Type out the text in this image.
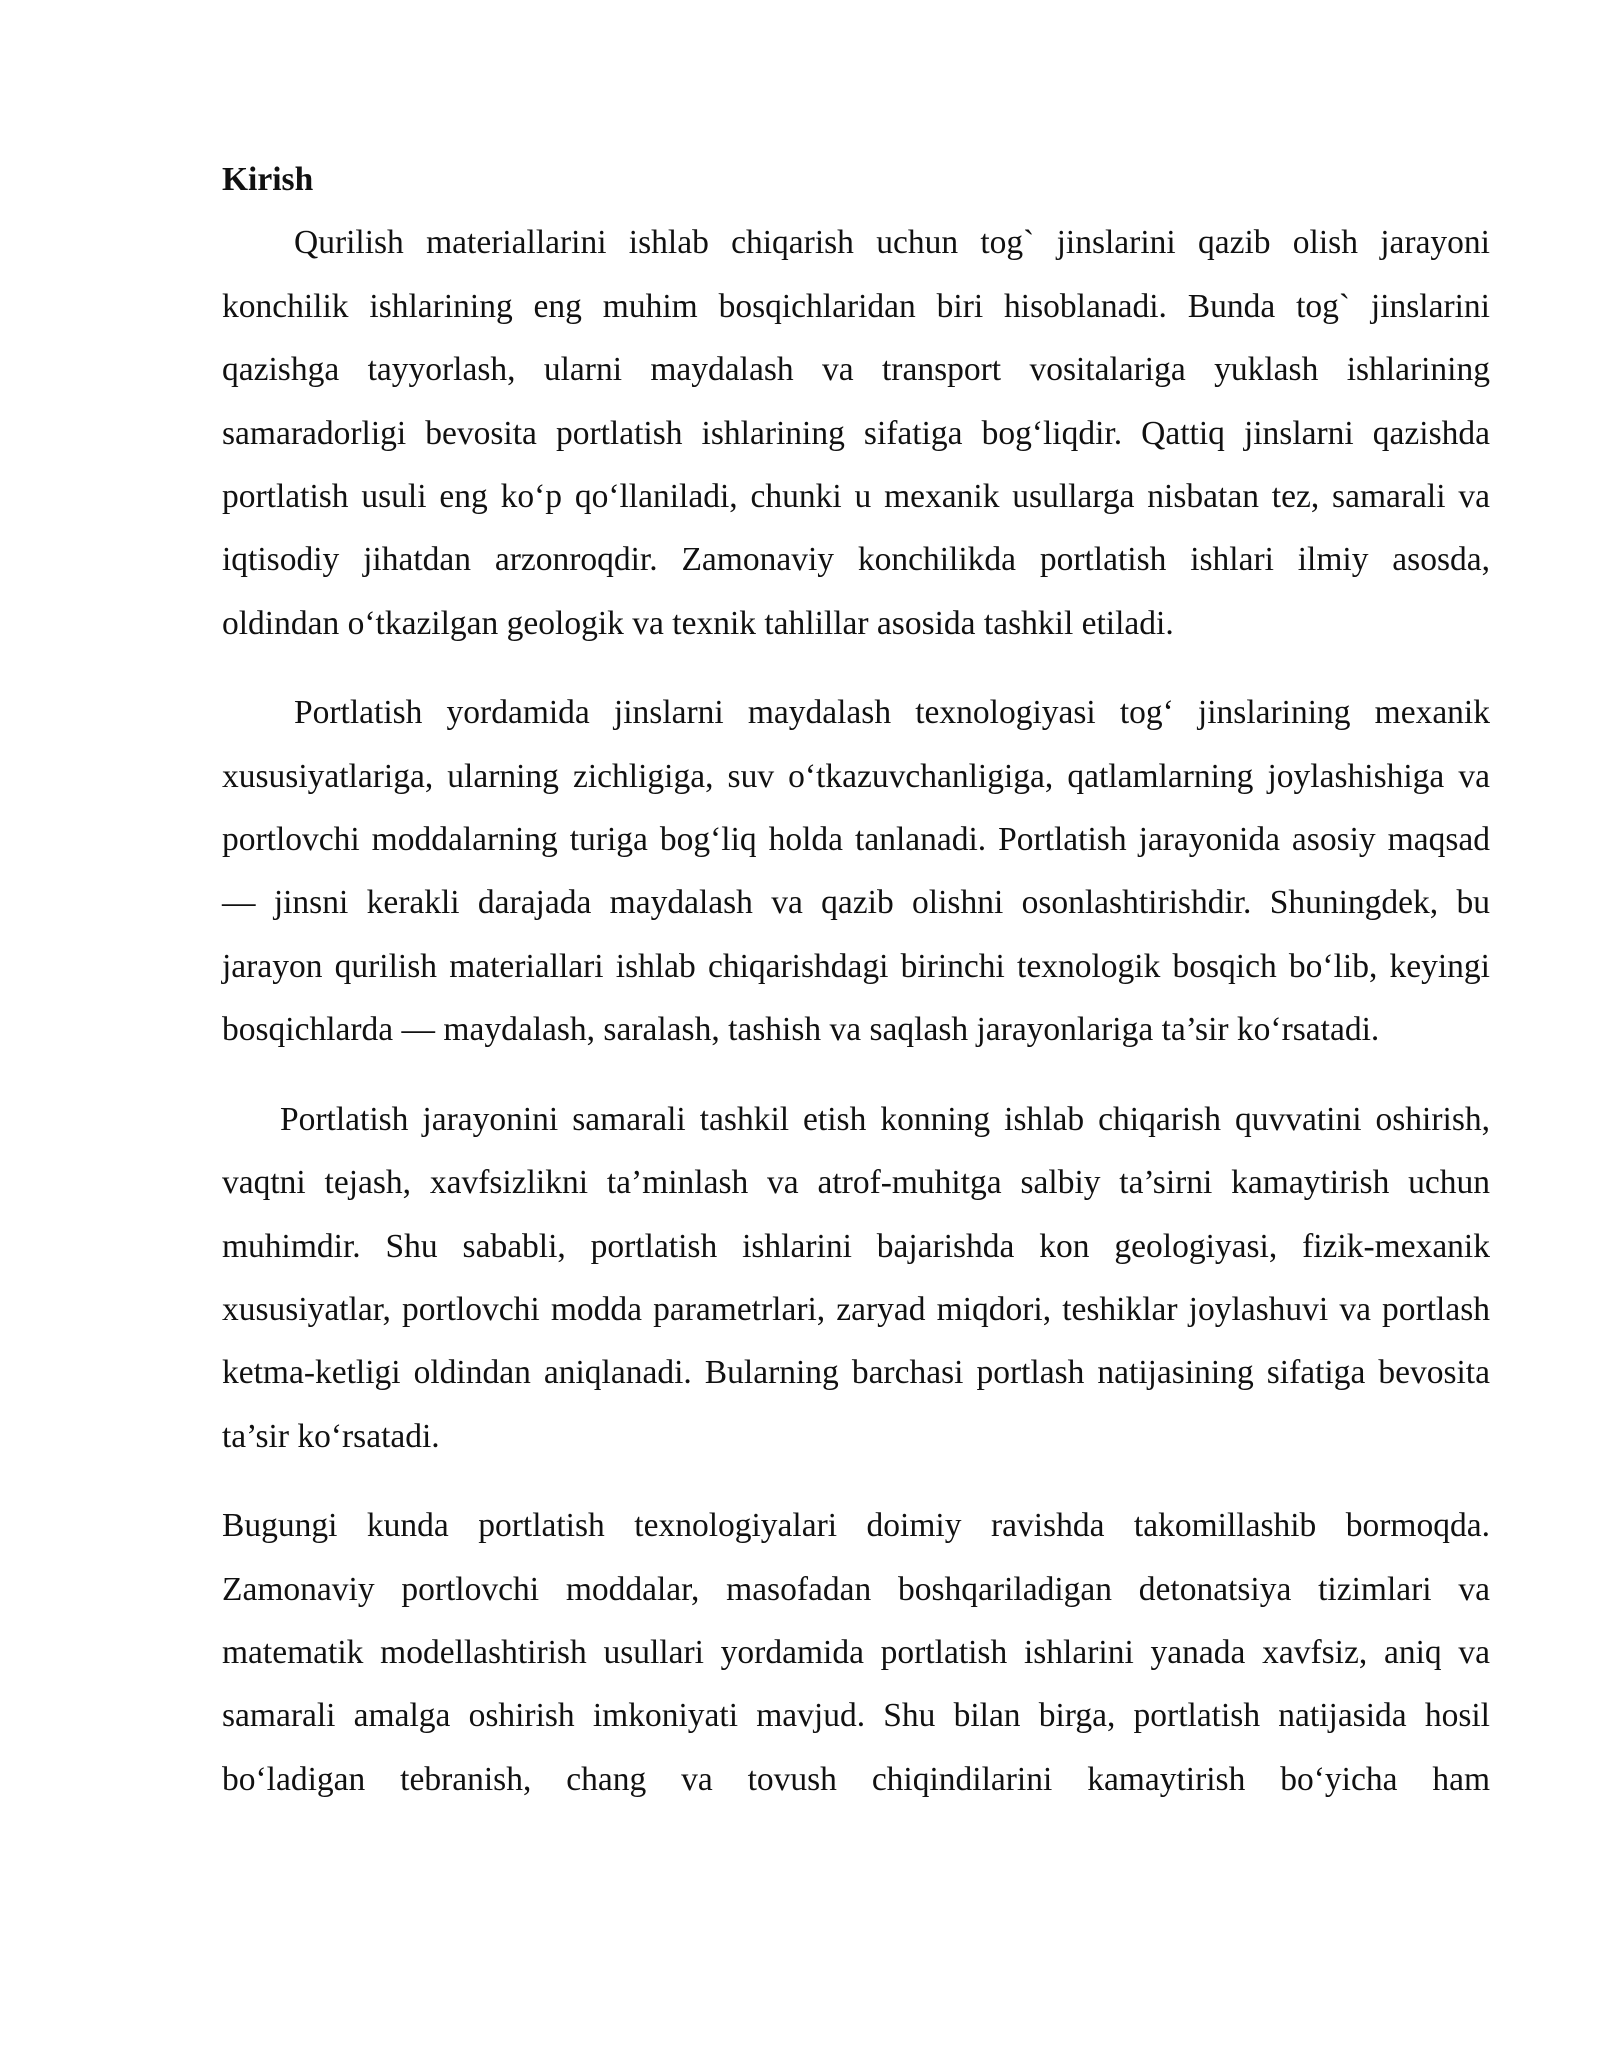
Kirish

Qurilish materiallarini ishlab chiqarish uchun tog` jinslarini qazib olish jarayoni konchilik ishlarining eng muhim bosqichlaridan biri hisoblanadi. Bunda tog` jinslarini qazishga tayyorlash, ularni maydalash va transport vositalariga yuklash ishlarining samaradorligi bevosita portlatish ishlarining sifatiga bog‘liqdir. Qattiq jinslarni qazishda portlatish usuli eng ko‘p qo‘llaniladi, chunki u mexanik usullarga nisbatan tez, samarali va iqtisodiy jihatdan arzonroqdir. Zamonaviy konchilikda portlatish ishlari ilmiy asosda, oldindan o‘tkazilgan geologik va texnik tahlillar asosida tashkil etiladi.

Portlatish yordamida jinslarni maydalash texnologiyasi tog‘ jinslarining mexanik xususiyatlariga, ularning zichligiga, suv o‘tkazuvchanligiga, qatlamlarning joylashishiga va portlovchi moddalarning turiga bog‘liq holda tanlanadi. Portlatish jarayonida asosiy maqsad — jinsni kerakli darajada maydalash va qazib olishni osonlashtirishdir. Shuningdek, bu jarayon qurilish materiallari ishlab chiqarishdagi birinchi texnologik bosqich bo‘lib, keyingi bosqichlarda — maydalash, saralash, tashish va saqlash jarayonlariga ta’sir ko‘rsatadi.

Portlatish jarayonini samarali tashkil etish konning ishlab chiqarish quvvatini oshirish, vaqtni tejash, xavfsizlikni ta’minlash va atrof-muhitga salbiy ta’sirni kamaytirish uchun muhimdir. Shu sababli, portlatish ishlarini bajarishda kon geologiyasi, fizik-mexanik xususiyatlar, portlovchi modda parametrlari, zaryad miqdori, teshiklar joylashuvi va portlash ketma-ketligi oldindan aniqlanadi. Bularning barchasi portlash natijasining sifatiga bevosita ta’sir ko‘rsatadi.

Bugungi kunda portlatish texnologiyalari doimiy ravishda takomillashib bormoqda. Zamonaviy portlovchi moddalar, masofadan boshqariladigan detonatsiya tizimlari va matematik modellashtirish usullari yordamida portlatish ishlarini yanada xavfsiz, aniq va samarali amalga oshirish imkoniyati mavjud. Shu bilan birga, portlatish natijasida hosil bo‘ladigan tebranish, chang va tovush chiqindilarini kamaytirish bo‘yicha ham
